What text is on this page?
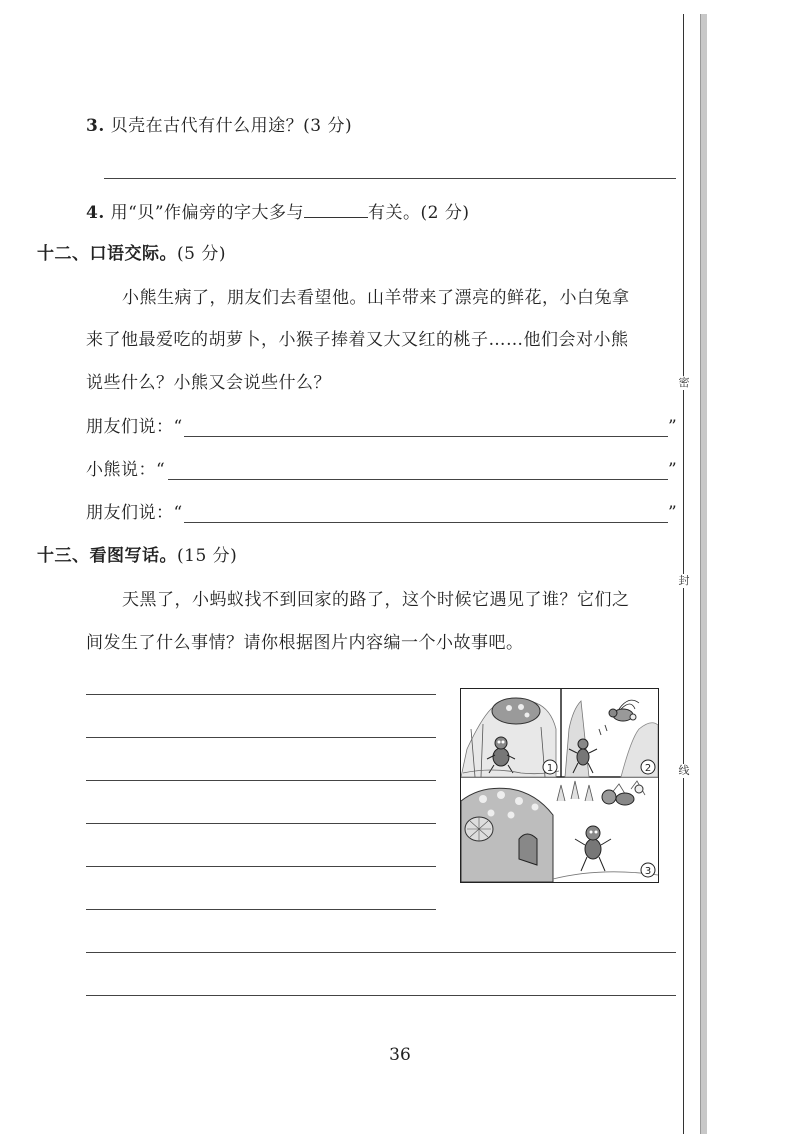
3. 贝壳在古代有什么用途？(3 分)
4. 用“贝”作偏旁的字大多与	有关。(2 分)
十二、口语交际。(5 分)
小熊生病了，朋友们去看望他。山羊带来了漂亮的鲜花，小白兔拿
来了他最爱吃的胡萝卜，小猴子捧着又大又红的桃子……他们会对小熊
说些什么？小熊又会说些什么？
朋友们说：“	”
小熊说：“	”
朋友们说：“	”
十三、看图写话。(15 分)
天黑了，小蚂蚁找不到回家的路了，这个时候它遇见了谁？它们之
间发生了什么事情？请你根据图片内容编一个小故事吧。
1	2
3
36
密
封
线
